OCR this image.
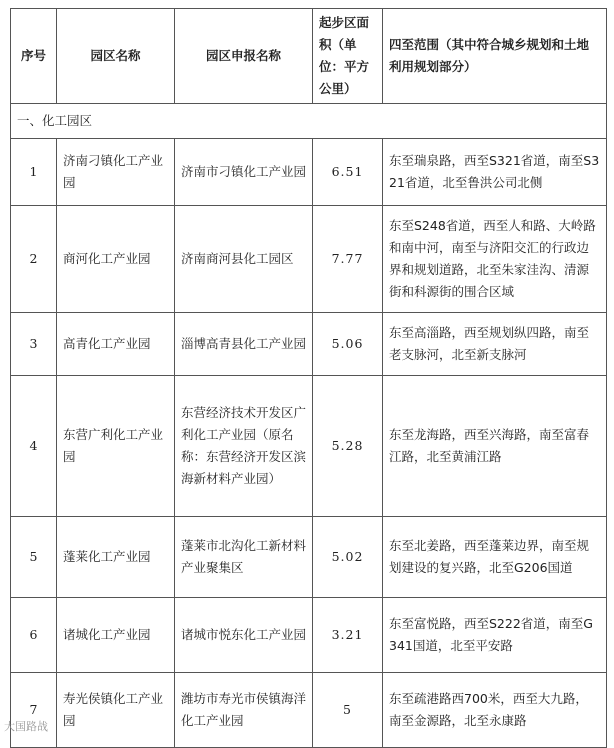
序号	园区名称	园区申报名称	起步区面积（单位：平方公里）	四至范围（其中符合城乡规划和土地利用规划部分）
一、化工园区				
1	济南刁镇化工产业园	济南市刁镇化工产业园	6.51	东至瑞泉路，西至S321省道，南至S321省道，北至鲁洪公司北侧
2	商河化工产业园	济南商河县化工园区	7.77	东至S248省道，西至人和路、大岭路和南中河，南至与济阳交汇的行政边界和规划道路，北至朱家洼沟、清源街和科源街的围合区域
3	高青化工产业园	淄博高青县化工产业园	5.06	东至高淄路，西至规划纵四路，南至老支脉河，北至新支脉河
4	东营广利化工产业园	东营经济技术开发区广利化工产业园（原名称：东营经济开发区滨海新材料产业园）	5.28	东至龙海路，西至兴海路，南至富春江路，北至黄浦江路
5	蓬莱化工产业园	蓬莱市北沟化工新材料产业聚集区	5.02	东至北姜路，西至蓬莱边界，南至规划建设的复兴路，北至G206国道
6	诸城化工产业园	诸城市悦东化工产业园	3.21	东至富悦路，西至S222省道，南至G341国道，北至平安路
7	寿光侯镇化工产业园	潍坊市寿光市侯镇海洋化工产业园	5	东至疏港路西700米，西至大九路，南至金源路，北至永康路
大国路战
